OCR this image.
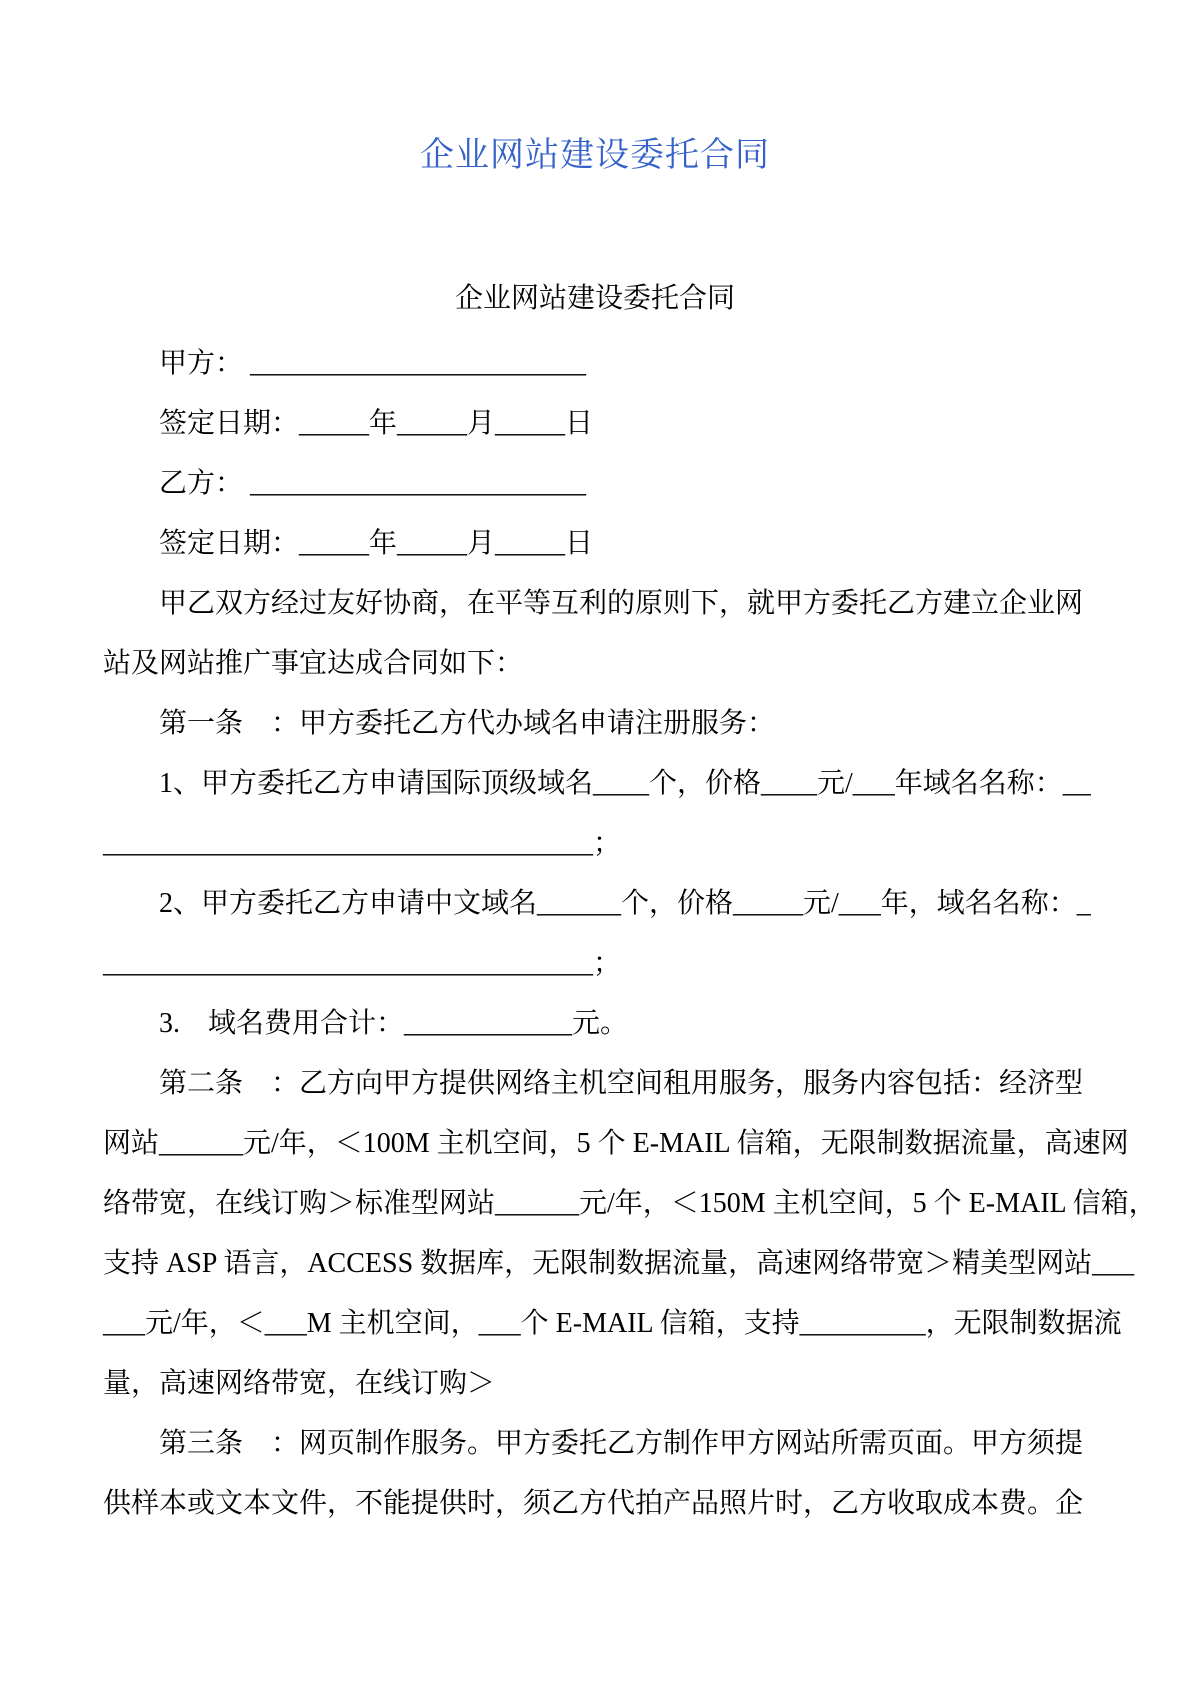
企业网站建设委托合同
企业网站建设委托合同
甲方： ________________________
签定日期：_____年_____月_____日
乙方： ________________________
签定日期：_____年_____月_____日
甲乙双方经过友好协商，在平等互利的原则下，就甲方委托乙方建立企业网
站及网站推广事宜达成合同如下：
第一条　：甲方委托乙方代办域名申请注册服务：
1、甲方委托乙方申请国际顶级域名____个，价格____元/___年域名名称：__
___________________________________；
2、甲方委托乙方申请中文域名______个，价格_____元/___年，域名名称：_
___________________________________；
3.　域名费用合计：____________元。
第二条　：乙方向甲方提供网络主机空间租用服务，服务内容包括：经济型
网站______元/年，＜100M 主机空间，5 个 E-MAIL 信箱，无限制数据流量，高速网
络带宽，在线订购＞标准型网站______元/年，＜150M 主机空间，5 个 E-MAIL 信箱，
支持 ASP 语言，ACCESS 数据库，无限制数据流量，高速网络带宽＞精美型网站___
___元/年，＜___M 主机空间，___个 E-MAIL 信箱，支持_________，无限制数据流
量，高速网络带宽，在线订购＞
第三条　：网页制作服务。甲方委托乙方制作甲方网站所需页面。甲方须提
供样本或文本文件，不能提供时，须乙方代拍产品照片时，乙方收取成本费。企
